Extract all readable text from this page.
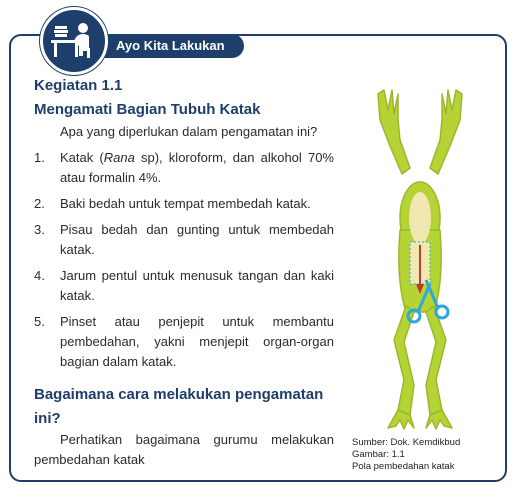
Ayo Kita Lakukan
Kegiatan 1.1
Mengamati Bagian Tubuh Katak
Apa yang diperlukan dalam pengamatan ini?
1. Katak (Rana sp), kloroform, dan alkohol 70% atau formalin 4%.
2. Baki bedah untuk tempat membedah katak.
3. Pisau bedah dan gunting untuk membedah katak.
4. Jarum pentul untuk menusuk tangan dan kaki katak.
5. Pinset atau penjepit untuk membantu pembedahan, yakni menjepit organ-organ bagian dalam katak.
Bagaimana cara melakukan pengamatan ini?
Perhatikan bagaimana gurumu melakukan pembedahan katak
Sumber: Dok. Kemdikbud
Gambar: 1.1
Pola pembedahan katak
